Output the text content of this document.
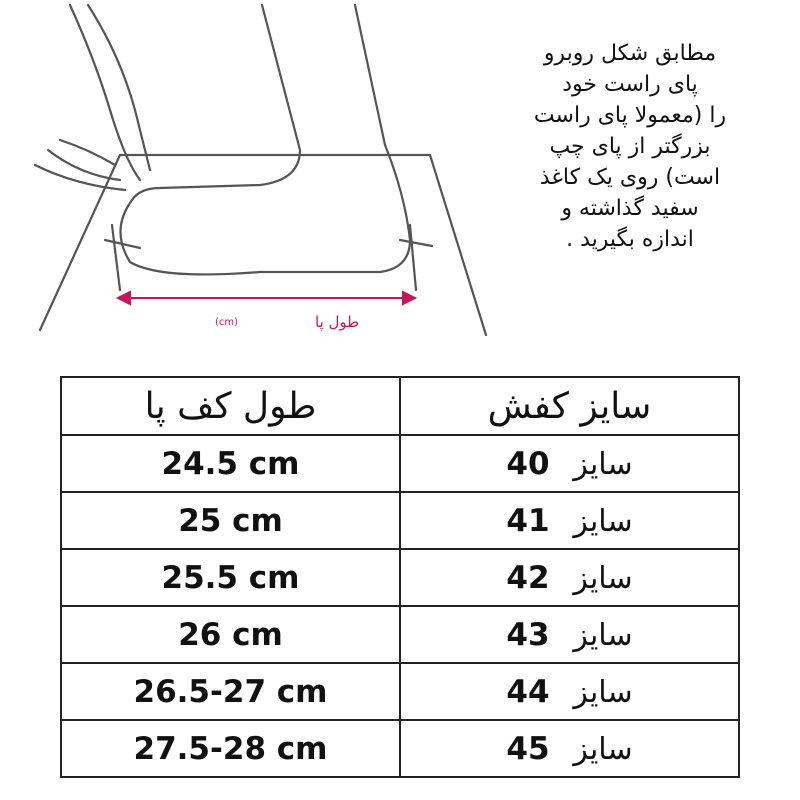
طول پا
(cm)
مطابق شکل روبرو
پای راست خود
را (معمولا پای راست
بزرگتر از پای چپ
است) روی یک کاغذ
سفید گذاشته و
اندازه بگیرید .
طول کف پا	سایز کفش
24.5 cm	سایز 40
25 cm	سایز 41
25.5 cm	سایز 42
26 cm	سایز 43
26.5-27 cm	سایز 44
27.5-28 cm	سایز 45
